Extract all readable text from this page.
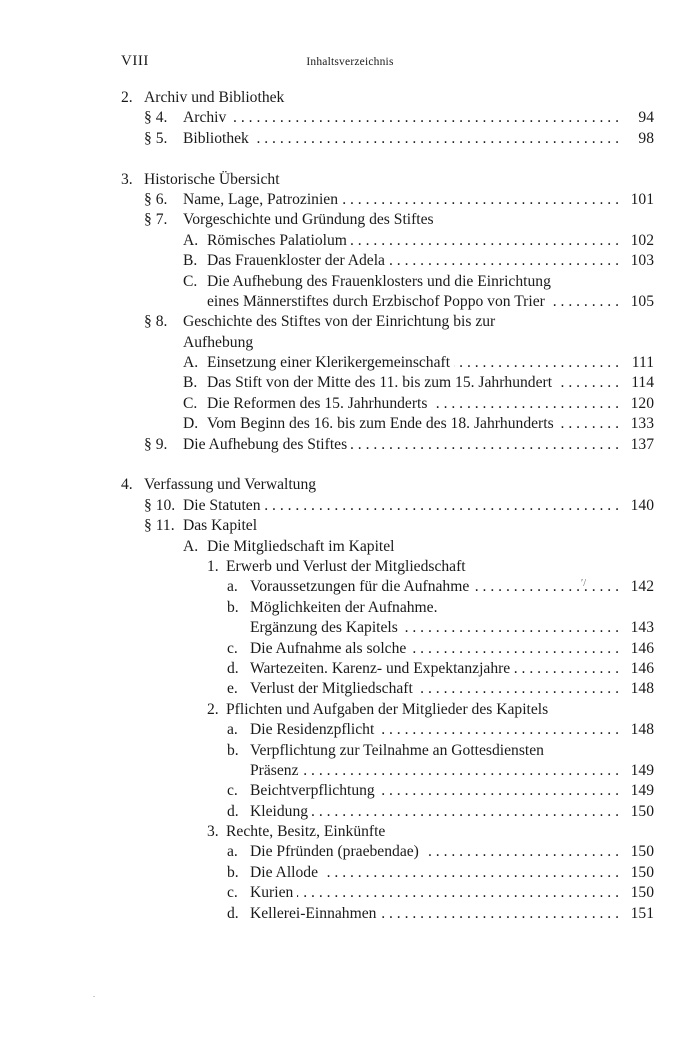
VIII	Inhaltsverzeichnis
2. Archiv und Bibliothek
§ 4. Archiv . . .	94
§ 5. Bibliothek . . .	98
3. Historische Übersicht
§ 6. Name, Lage, Patrozinien . . .	101
§ 7. Vorgeschichte und Gründung des Stiftes
A. Römisches Palatiolum . . .	102
B. Das Frauenkloster der Adela . . .	103
C. Die Aufhebung des Frauenklosters und die Einrichtung
eines Männerstiftes durch Erzbischof Poppo von Trier . . .	105
§ 8. Geschichte des Stiftes von der Einrichtung bis zur
Aufhebung
A. Einsetzung einer Klerikergemeinschaft . . .	111
B. Das Stift von der Mitte des 11. bis zum 15. Jahrhundert . . .	114
C. Die Reformen des 15. Jahrhunderts . . .	120
D. Vom Beginn des 16. bis zum Ende des 18. Jahrhunderts . . .	133
§ 9. Die Aufhebung des Stiftes . . .	137
4. Verfassung und Verwaltung
§ 10. Die Statuten . . .	140
§ 11. Das Kapitel
A. Die Mitgliedschaft im Kapitel
1. Erwerb und Verlust der Mitgliedschaft
a. Voraussetzungen für die Aufnahme . . .	142
b. Möglichkeiten der Aufnahme.
Ergänzung des Kapitels . . .	143
c. Die Aufnahme als solche . . .	146
d. Wartezeiten. Karenz- und Expektanzjahre . . .	146
e. Verlust der Mitgliedschaft . . .	148
2. Pflichten und Aufgaben der Mitglieder des Kapitels
a. Die Residenzpflicht . . .	148
b. Verpflichtung zur Teilnahme an Gottesdiensten
Präsenz . . .	149
c. Beichtverpflichtung . . .	149
d. Kleidung . . .	150
3. Rechte, Besitz, Einkünfte
a. Die Pfründen (praebendae) . . .	150
b. Die Allode . . .	150
c. Kurien . . .	150
d. Kellerei-Einnahmen . . .	151
′/
